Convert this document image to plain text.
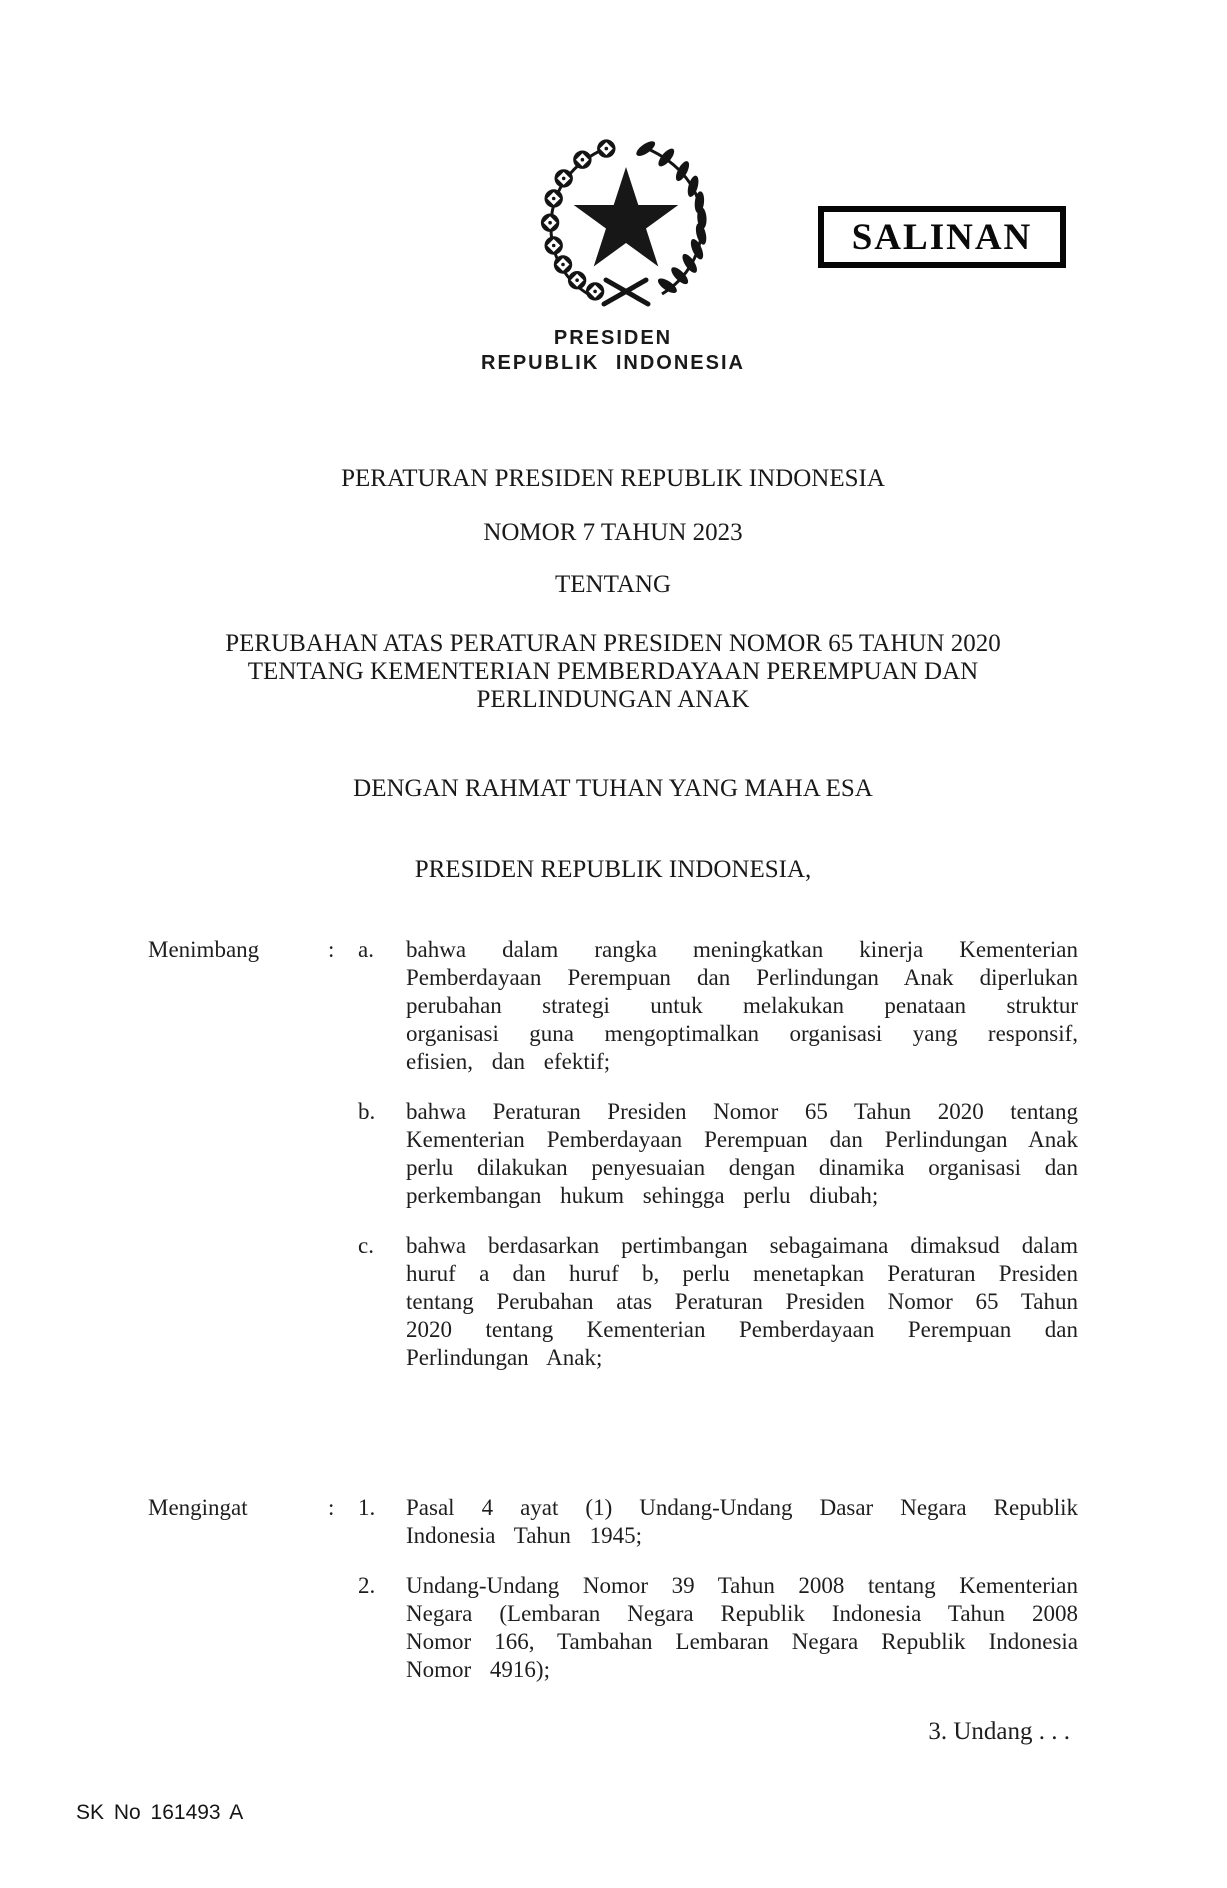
SALINAN
PRESIDEN
REPUBLIK INDONESIA
PERATURAN PRESIDEN REPUBLIK INDONESIA
NOMOR 7 TAHUN 2023
TENTANG
PERUBAHAN ATAS PERATURAN PRESIDEN NOMOR 65 TAHUN 2020
TENTANG KEMENTERIAN PEMBERDAYAAN PEREMPUAN DAN
PERLINDUNGAN ANAK
DENGAN RAHMAT TUHAN YANG MAHA ESA
PRESIDEN REPUBLIK INDONESIA,
Menimbang	:	a.	bahwa dalam rangka meningkatkan kinerja Kementerian Pemberdayaan Perempuan dan Perlindungan Anak diperlukan perubahan strategi untuk melakukan penataan struktur organisasi guna mengoptimalkan organisasi yang responsif, efisien, dan efektif;
b.	bahwa Peraturan Presiden Nomor 65 Tahun 2020 tentang Kementerian Pemberdayaan Perempuan dan Perlindungan Anak perlu dilakukan penyesuaian dengan dinamika organisasi dan perkembangan hukum sehingga perlu diubah;
c.	bahwa berdasarkan pertimbangan sebagaimana dimaksud dalam huruf a dan huruf b, perlu menetapkan Peraturan Presiden tentang Perubahan atas Peraturan Presiden Nomor 65 Tahun 2020 tentang Kementerian Pemberdayaan Perempuan dan Perlindungan Anak;
Mengingat	:	1.	Pasal 4 ayat (1) Undang-Undang Dasar Negara Republik Indonesia Tahun 1945;
2.	Undang-Undang Nomor 39 Tahun 2008 tentang Kementerian Negara (Lembaran Negara Republik Indonesia Tahun 2008 Nomor 166, Tambahan Lembaran Negara Republik Indonesia Nomor 4916);
3. Undang . . .
SK No 161493 A
